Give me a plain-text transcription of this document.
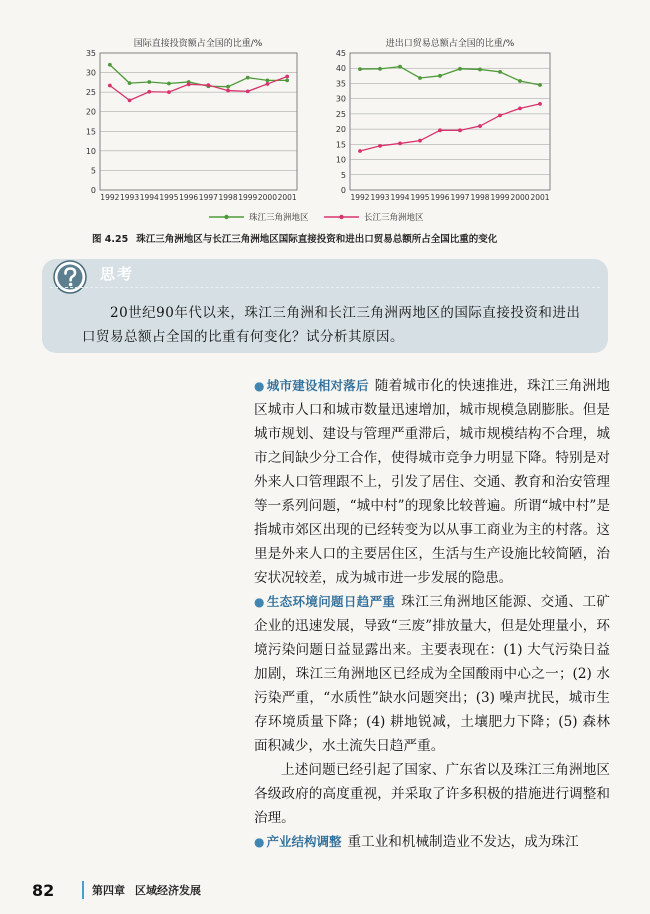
0
5
10
15
20
25
30
35
1992 1993 1994 1995 1996 1997 1998 1999 2000 2001
国际直接投资额占全国的比重/%
0
5
10
15
20
25
30
35
40
45
1992 1993 1994 1995 1996 1997 1998 1999 2000 2001
进出口贸易总额占全国的比重/%
珠江三角洲地区	长江三角洲地区
图 4.25 珠江三角洲地区与长江三角洲地区国际直接投资和进出口贸易总额所占全国比重的变化
思考

20世纪90年代以来，珠江三角洲和长江三角洲两地区的国际直接投资和进出口贸易总额占全国的比重有何变化？试分析其原因。

● 城市建设相对落后 随着城市化的快速推进，珠江三角洲地区城市人口和城市数量迅速增加，城市规模急剧膨胀。但是城市规划、建设与管理严重滞后，城市规模结构不合理，城市之间缺少分工合作，使得城市竞争力明显下降。特别是对外来人口管理跟不上，引发了居住、交通、教育和治安管理等一系列问题，“城中村”的现象比较普遍。所谓“城中村”是指城市郊区出现的已经转变为以从事工商业为主的村落。这里是外来人口的主要居住区，生活与生产设施比较简陋，治安状况较差，成为城市进一步发展的隐患。

● 生态环境问题日趋严重 珠江三角洲地区能源、交通、工矿企业的迅速发展，导致“三废”排放量大，但是处理量小，环境污染问题日益显露出来。主要表现在：(1) 大气污染日益加剧，珠江三角洲地区已经成为全国酸雨中心之一；(2) 水污染严重，“水质性”缺水问题突出；(3) 噪声扰民，城市生存环境质量下降；(4) 耕地锐减，土壤肥力下降；(5) 森林面积减少，水土流失日趋严重。

上述问题已经引起了国家、广东省以及珠江三角洲地区各级政府的高度重视，并采取了许多积极的措施进行调整和治理。

● 产业结构调整 重工业和机械制造业不发达，成为珠江

82	第四章 区域经济发展
